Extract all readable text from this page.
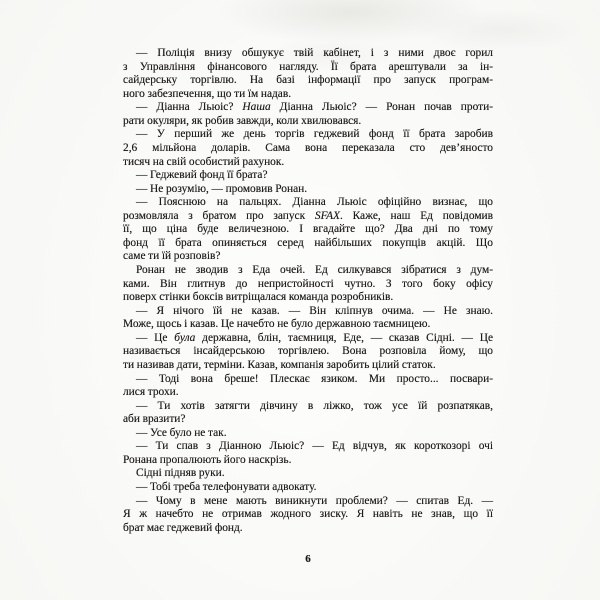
— Поліція внизу обшукує твій кабінет, і з ними двоє горил
з Управління фінансового нагляду. Її брата арештували за ін-
сайдерську торгівлю. На базі інформації про запуск програм-
ного забезпечення, що ти їм надав.
— Діанна Льюіс? Наша Діанна Льюіс? — Ронан почав проти-
рати окуляри, як робив завжди, коли хвилювався.
— У перший же день торгів геджевий фонд її брата заробив
2,6 мільйона доларів. Сама вона переказала сто дев’яносто
тисяч на свій особистий рахунок.
— Геджевий фонд її брата?
— Не розумію, — промовив Ронан.
— Пояснюю на пальцях. Діанна Льюіс офіційно визнає, що
розмовляла з братом про запуск SFAX. Каже, наш Ед повідомив
її, що ціна буде величезною. І вгадайте що? Два дні по тому
фонд її брата опиняється серед найбільших покупців акцій. Що
саме ти їй розповів?
Ронан не зводив з Еда очей. Ед силкувався зібратися з дум-
ками. Він глитнув до непристойності чутно. З того боку офісу
поверх стінки боксів витріщалася команда розробників.
— Я нічого їй не казав. — Він кліпнув очима. — Не знаю.
Може, щось і казав. Це начебто не було державною таємницею.
— Це була державна, блін, таємниця, Еде, — сказав Сідні. — Це
називається інсайдерською торгівлею. Вона розповіла йому, що
ти називав дати, терміни. Казав, компанія заробить цілий статок.
— Тоді вона бреше! Плескає язиком. Ми просто... посвари-
лися трохи.
— Ти хотів затягти дівчину в ліжко, тож усе їй розпатякав,
аби вразити?
— Усе було не так.
— Ти спав з Діанною Льюіс? — Ед відчув, як короткозорі очі
Ронана пропалюють його наскрізь.
Сідні підняв руки.
— Тобі треба телефонувати адвокату.
— Чому в мене мають виникнути проблеми? — спитав Ед. —
Я ж начебто не отримав жодного зиску. Я навіть не знав, що її
брат має геджевий фонд.
6
